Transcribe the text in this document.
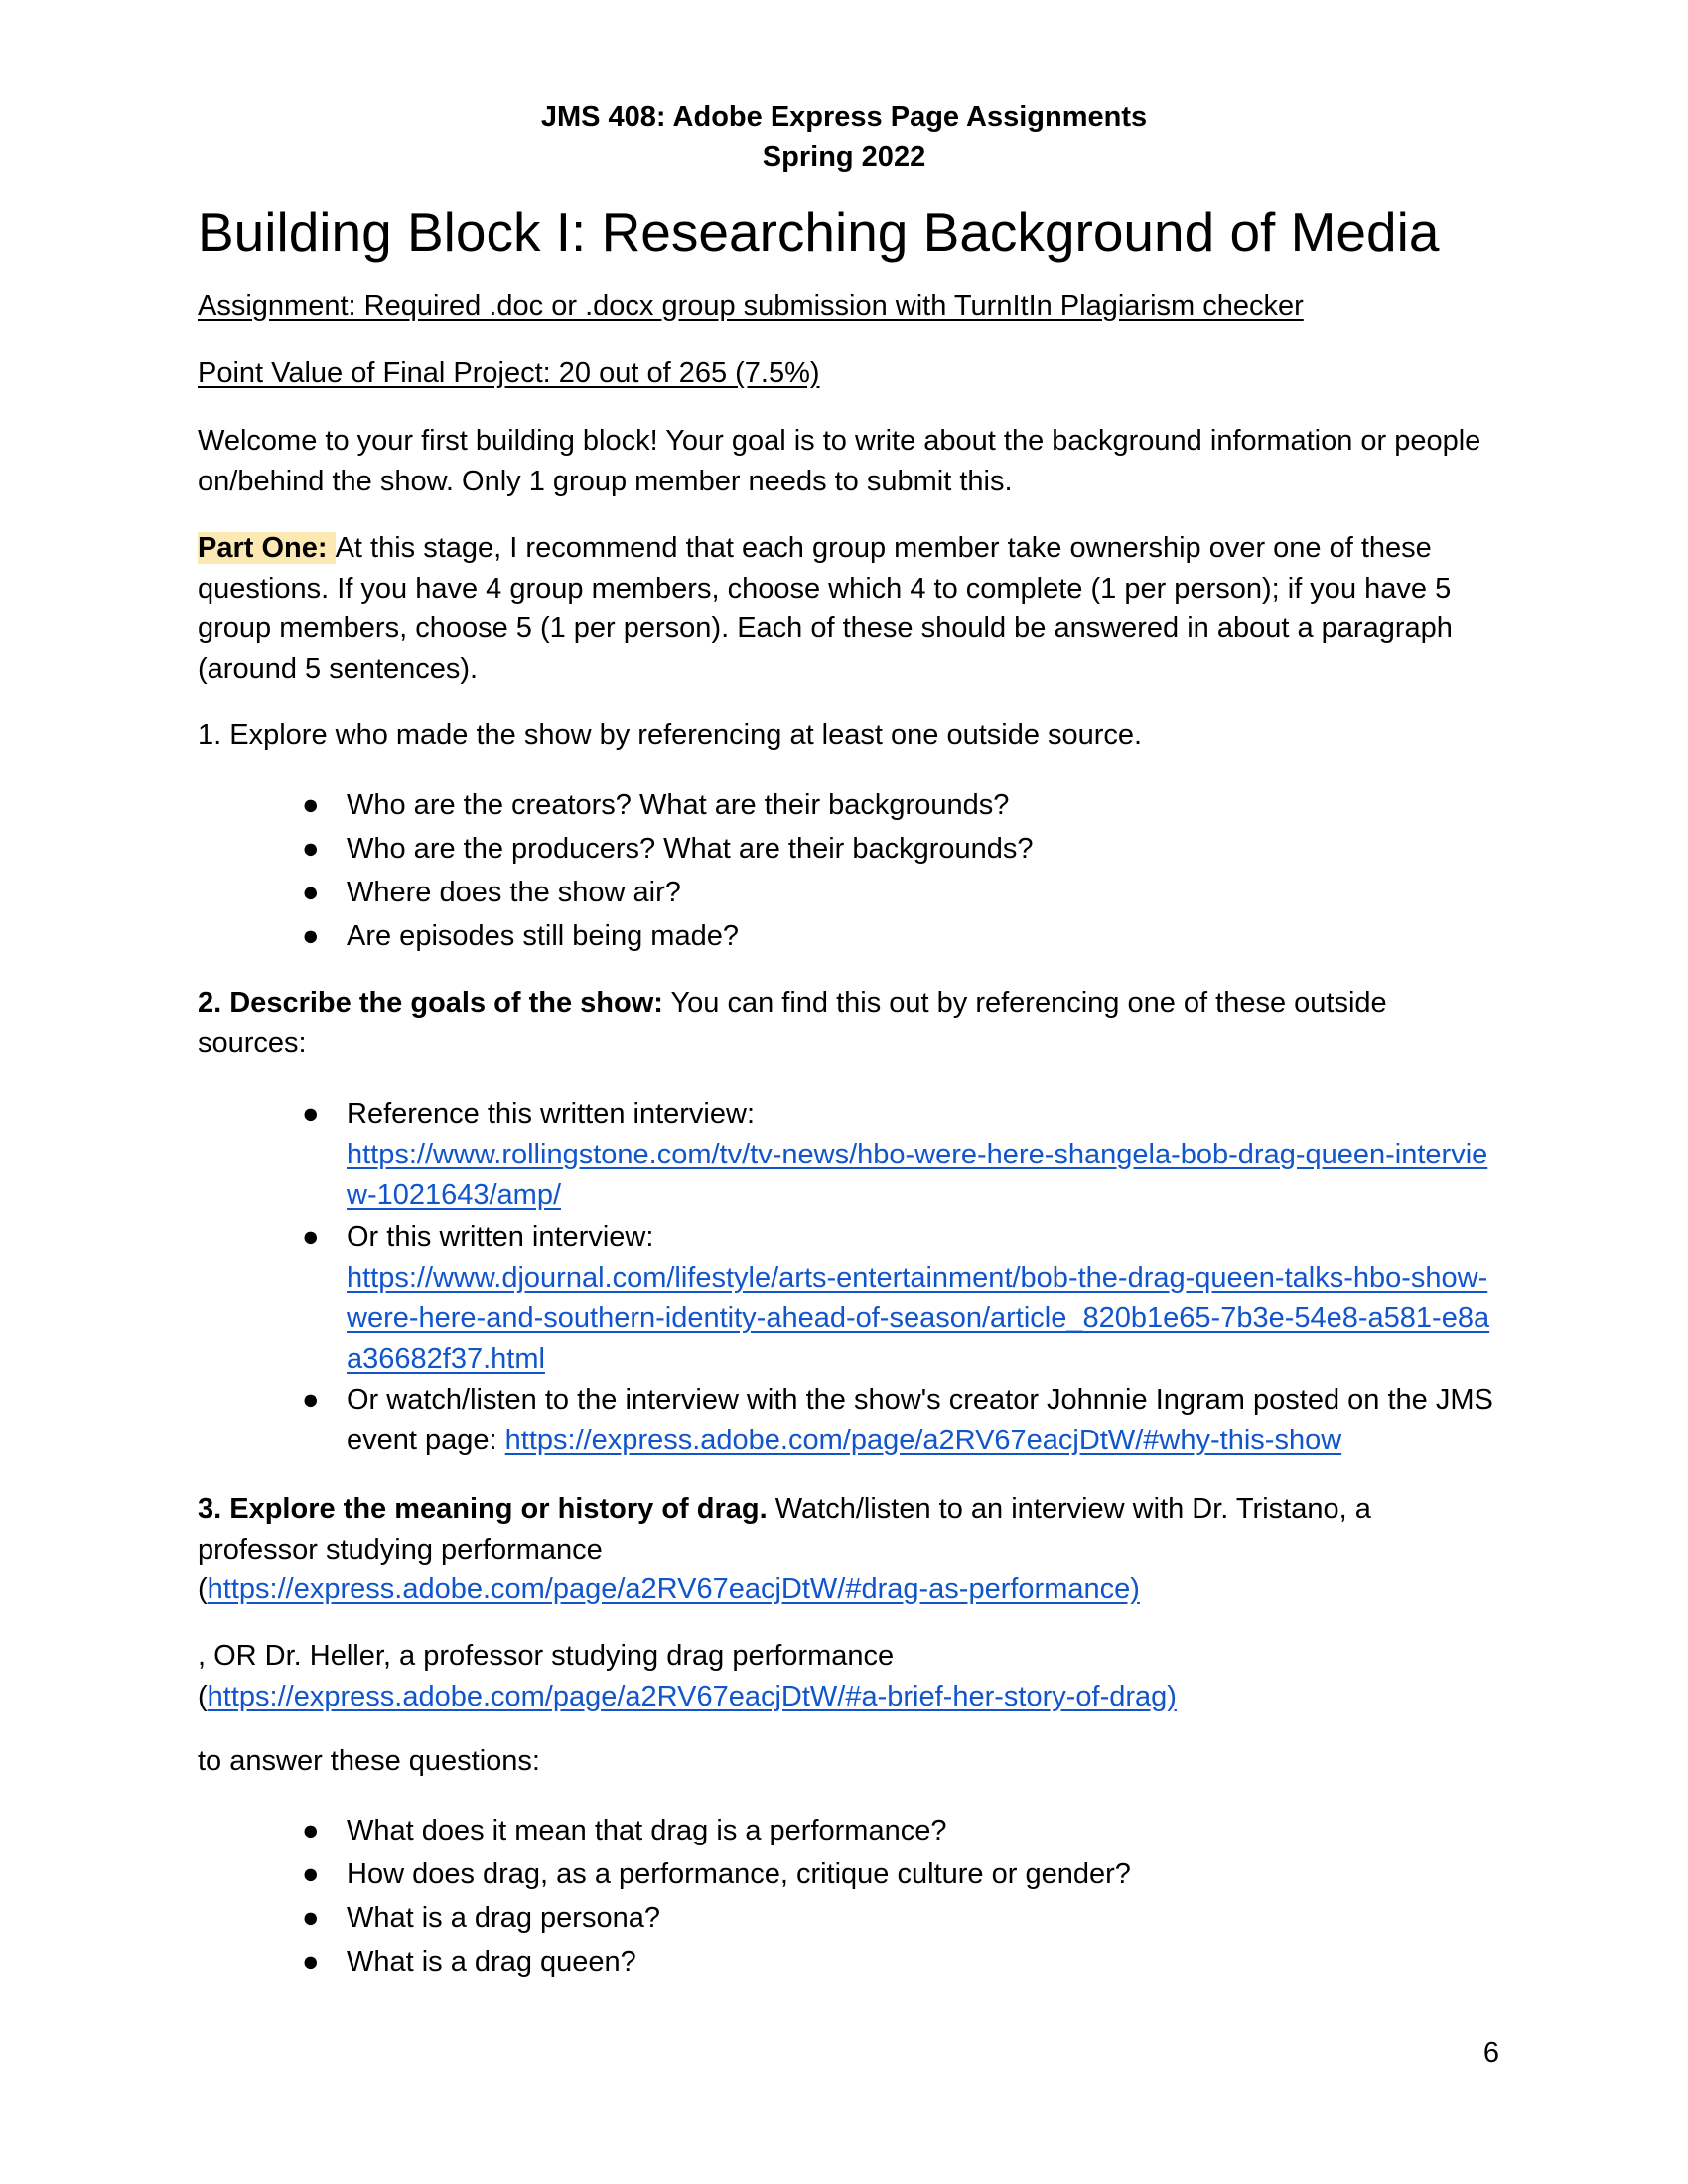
JMS 408: Adobe Express Page Assignments
Spring 2022
Building Block I: Researching Background of Media
Assignment: Required .doc or .docx group submission with TurnItIn Plagiarism checker
Point Value of Final Project: 20 out of 265 (7.5%)
Welcome to your first building block! Your goal is to write about the background information or people on/behind the show. Only 1 group member needs to submit this.
Part One: At this stage, I recommend that each group member take ownership over one of these questions. If you have 4 group members, choose which 4 to complete (1 per person); if you have 5 group members, choose 5 (1 per person). Each of these should be answered in about a paragraph (around 5 sentences).
1. Explore who made the show by referencing at least one outside source.
● Who are the creators? What are their backgrounds?
● Who are the producers? What are their backgrounds?
● Where does the show air?
● Are episodes still being made?
2. Describe the goals of the show: You can find this out by referencing one of these outside sources:
● Reference this written interview:
https://www.rollingstone.com/tv/tv-news/hbo-were-here-shangela-bob-drag-queen-interview-1021643/amp/
● Or this written interview:
https://www.djournal.com/lifestyle/arts-entertainment/bob-the-drag-queen-talks-hbo-show-were-here-and-southern-identity-ahead-of-season/article_820b1e65-7b3e-54e8-a581-e8aa36682f37.html
● Or watch/listen to the interview with the show's creator Johnnie Ingram posted on the JMS event page: https://express.adobe.com/page/a2RV67eacjDtW/#why-this-show
3. Explore the meaning or history of drag. Watch/listen to an interview with Dr. Tristano, a professor studying performance
(https://express.adobe.com/page/a2RV67eacjDtW/#drag-as-performance)
, OR Dr. Heller, a professor studying drag performance
(https://express.adobe.com/page/a2RV67eacjDtW/#a-brief-her-story-of-drag)
to answer these questions:
● What does it mean that drag is a performance?
● How does drag, as a performance, critique culture or gender?
● What is a drag persona?
● What is a drag queen?
6
